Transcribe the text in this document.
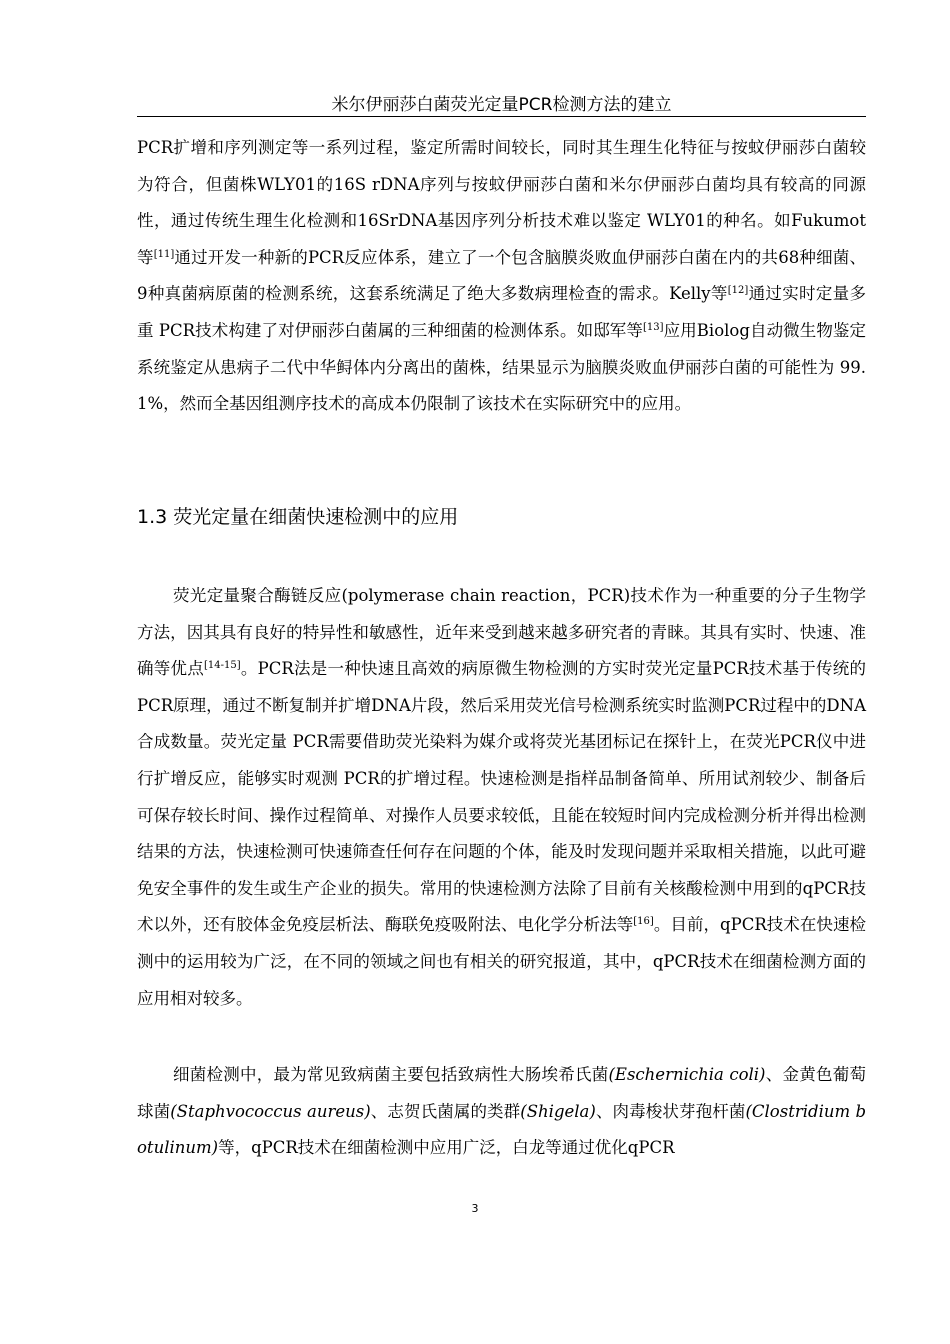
米尔伊丽莎白菌荧光定量PCR检测方法的建立

PCR扩增和序列测定等一系列过程，鉴定所需时间较长，同时其生理生化特征与按蚊伊丽莎白菌较为符合，但菌株WLY01的16S rDNA序列与按蚊伊丽莎白菌和米尔伊丽莎白菌均具有较高的同源性，通过传统生理生化检测和16SrDNA基因序列分析技术难以鉴定 WLY01的种名。如Fukumot等[11]通过开发一种新的PCR反应体系，建立了一个包含脑膜炎败血伊丽莎白菌在内的共68种细菌、9种真菌病原菌的检测系统，这套系统满足了绝大多数病理检查的需求。Kelly等[12]通过实时定量多重 PCR技术构建了对伊丽莎白菌属的三种细菌的检测体系。如邸军等[13]应用Biolog自动微生物鉴定系统鉴定从患病子二代中华鲟体内分离出的菌株，结果显示为脑膜炎败血伊丽莎白菌的可能性为 99.1%，然而全基因组测序技术的高成本仍限制了该技术在实际研究中的应用。

1.3 荧光定量在细菌快速检测中的应用

荧光定量聚合酶链反应(polymerase chain reaction，PCR)技术作为一种重要的分子生物学方法，因其具有良好的特异性和敏感性，近年来受到越来越多研究者的青睐。其具有实时、快速、准确等优点[14-15]。PCR法是一种快速且高效的病原微生物检测的方实时荧光定量PCR技术基于传统的PCR原理，通过不断复制并扩增DNA片段，然后采用荧光信号检测系统实时监测PCR过程中的DNA合成数量。荧光定量 PCR需要借助荧光染料为媒介或将荧光基团标记在探针上，在荧光PCR仪中进行扩增反应，能够实时观测 PCR的扩增过程。快速检测是指样品制备简单、所用试剂较少、制备后可保存较长时间、操作过程简单、对操作人员要求较低，且能在较短时间内完成检测分析并得出检测结果的方法，快速检测可快速筛查任何存在问题的个体，能及时发现问题并采取相关措施，以此可避免安全事件的发生或生产企业的损失。常用的快速检测方法除了目前有关核酸检测中用到的qPCR技术以外，还有胶体金免疫层析法、酶联免疫吸附法、电化学分析法等[16]。目前，qPCR技术在快速检测中的运用较为广泛，在不同的领域之间也有相关的研究报道，其中，qPCR技术在细菌检测方面的应用相对较多。

细菌检测中，最为常见致病菌主要包括致病性大肠埃希氏菌(Eschernichia coli)、金黄色葡萄球菌(Staphvococcus aureus)、志贺氏菌属的类群(Shigela)、肉毒梭状芽孢杆菌(Clostridium botulinum)等，qPCR技术在细菌检测中应用广泛，白龙等通过优化qPCR

3
